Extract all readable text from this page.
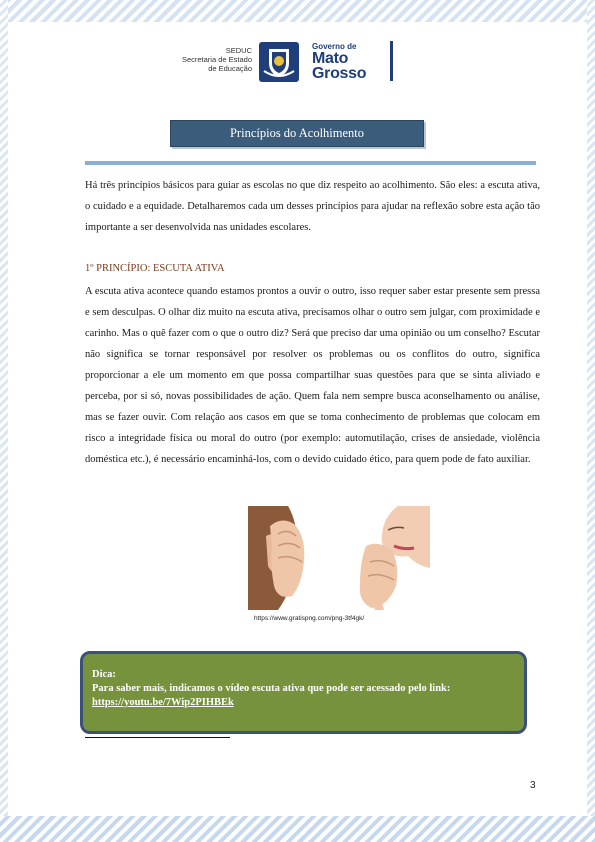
SEDUC
Secretaria de Estado
de Educação
Governo de
Mato
Grosso
Princípios do Acolhimento
Há três princípios básicos para guiar as escolas no que diz respeito ao acolhimento. São eles: a escuta ativa, o cuidado e a equidade. Detalharemos cada um desses princípios para ajudar na reflexão sobre esta ação tão importante a ser desenvolvida nas unidades escolares.
1º PRINCÍPIO: ESCUTA ATIVA
A escuta ativa acontece quando estamos prontos a ouvir o outro, isso requer saber estar presente sem pressa e sem desculpas. O olhar diz muito na escuta ativa, precisamos olhar o outro sem julgar, com proximidade e carinho. Mas o quê fazer com o que o outro diz? Será que preciso dar uma opinião ou um conselho? Escutar não significa se tornar responsável por resolver os problemas ou os conflitos do outro, significa proporcionar a ele um momento em que possa compartilhar suas questões para que se sinta aliviado e perceba, por si só, novas possibilidades de ação. Quem fala nem sempre busca aconselhamento ou análise, mas se fazer ouvir. Com relação aos casos em que se toma conhecimento de problemas que colocam em risco a integridade física ou moral do outro (por exemplo: automutilação, crises de ansiedade, violência doméstica etc.), é necessário encaminhá-los, com o devido cuidado ético, para quem pode de fato auxiliar.
https://www.gratispng.com/png-3tf4gk/
Dica:
Para saber mais, indicamos o vídeo escuta ativa que pode ser acessado pelo link:
https://youtu.be/7Wip2PIHBEk
3
